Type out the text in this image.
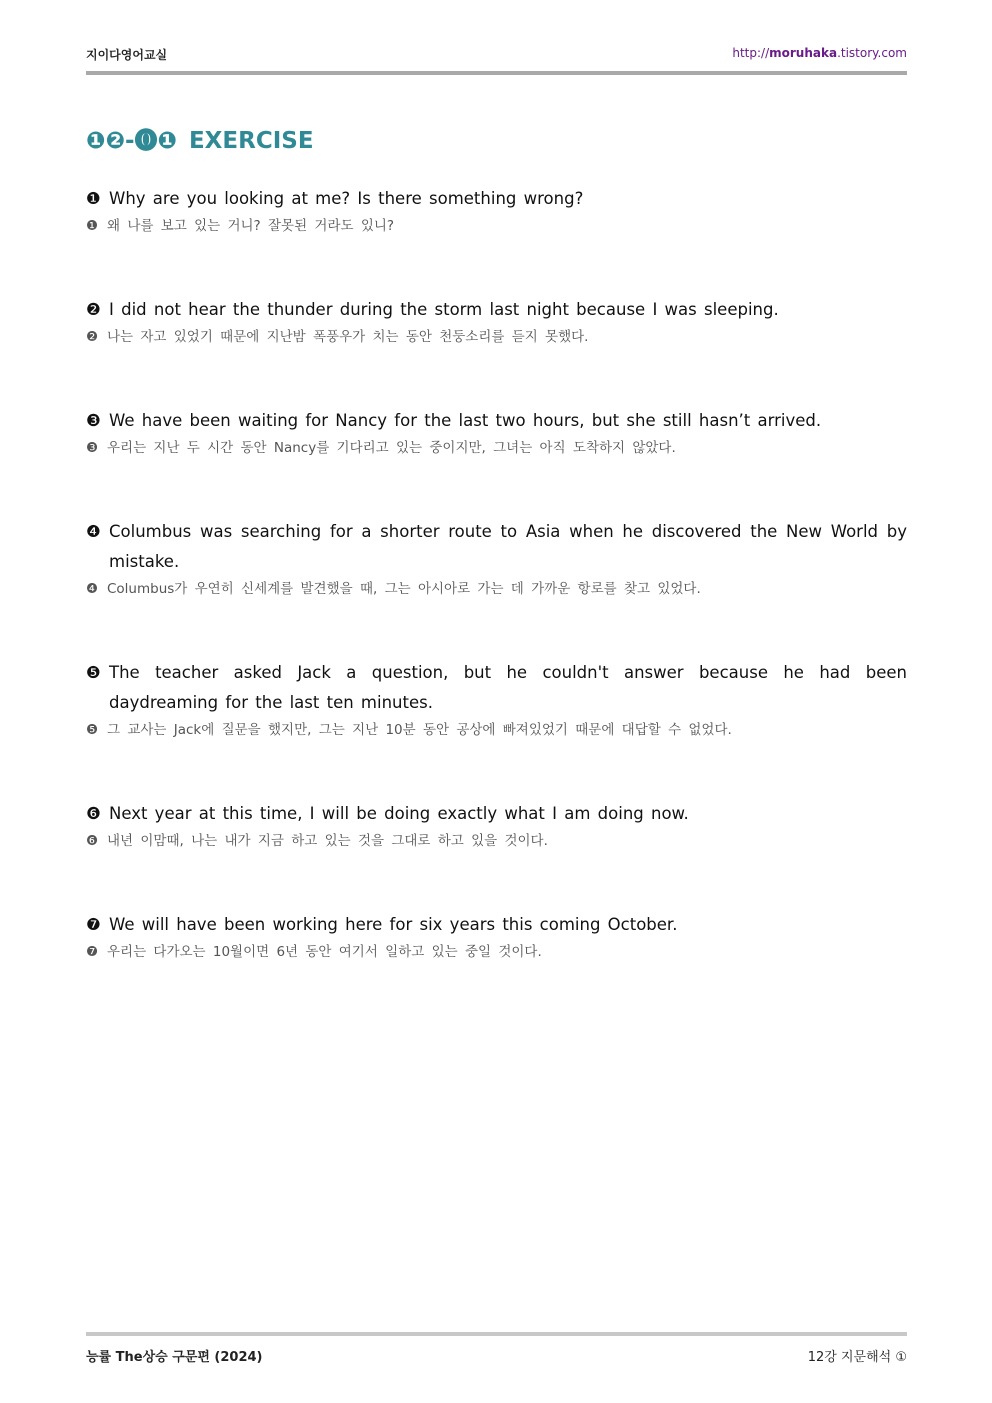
지이다영어교실	http://moruhaka.tistory.com
❶❷-⓿❶ EXERCISE
❶ Why are you looking at me? Is there something wrong?
❶ 왜 나를 보고 있는 거니? 잘못된 거라도 있니?
❷ I did not hear the thunder during the storm last night because I was sleeping.
❷ 나는 자고 있었기 때문에 지난밤 폭풍우가 치는 동안 천둥소리를 듣지 못했다.
❸ We have been waiting for Nancy for the last two hours, but she still hasn’t arrived.
❸ 우리는 지난 두 시간 동안 Nancy를 기다리고 있는 중이지만, 그녀는 아직 도착하지 않았다.
❹ Columbus was searching for a shorter route to Asia when he discovered the New World by mistake.
❹ Columbus가 우연히 신세계를 발견했을 때, 그는 아시아로 가는 데 가까운 항로를 찾고 있었다.
❺ The teacher asked Jack a question, but he couldn't answer because he had been daydreaming for the last ten minutes.
❺ 그 교사는 Jack에 질문을 했지만, 그는 지난 10분 동안 공상에 빠져있었기 때문에 대답할 수 없었다.
❻ Next year at this time, I will be doing exactly what I am doing now.
❻ 내년 이맘때, 나는 내가 지금 하고 있는 것을 그대로 하고 있을 것이다.
❼ We will have been working here for six years this coming October.
❼ 우리는 다가오는 10월이면 6년 동안 여기서 일하고 있는 중일 것이다.
능률 The상승 구문편 (2024)	12강 지문해석 ①
